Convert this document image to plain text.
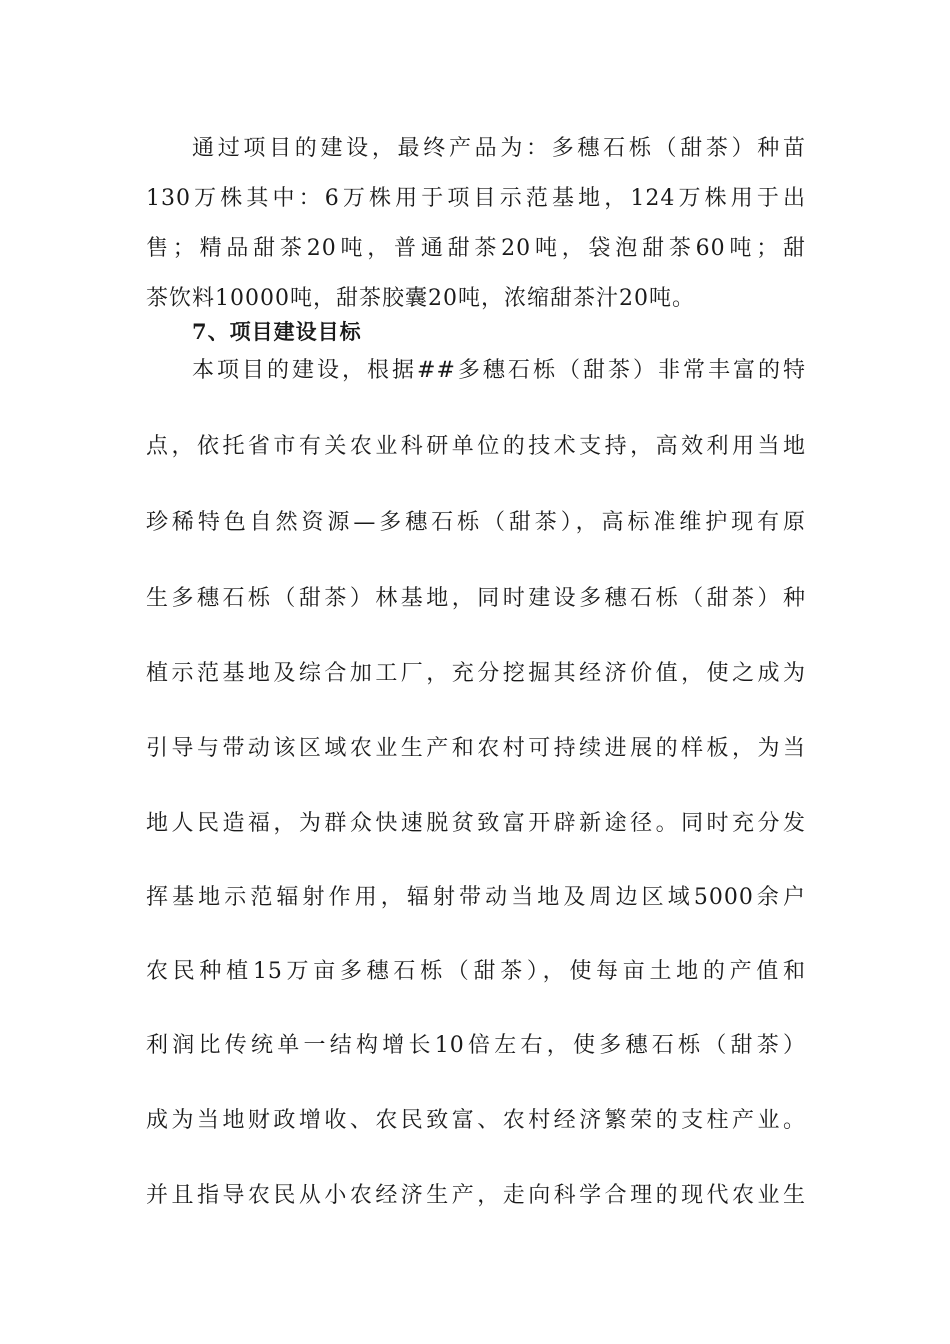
通过项目的建设，最终产品为：多穗石栎（甜茶）种苗
130万株其中：6万株用于项目示范基地，124万株用于出
售；精品甜茶20吨，普通甜茶20吨，袋泡甜茶60吨；甜
茶饮料10000吨，甜茶胶囊20吨，浓缩甜茶汁20吨。
7、项目建设目标
本项目的建设，根据##多穗石栎（甜茶）非常丰富的特
点，依托省市有关农业科研单位的技术支持，高效利用当地
珍稀特色自然资源—多穗石栎（甜茶），高标准维护现有原
生多穗石栎（甜茶）林基地，同时建设多穗石栎（甜茶）种
植示范基地及综合加工厂，充分挖掘其经济价值，使之成为
引导与带动该区域农业生产和农村可持续进展的样板，为当
地人民造福，为群众快速脱贫致富开辟新途径。同时充分发
挥基地示范辐射作用，辐射带动当地及周边区域5000余户
农民种植15万亩多穗石栎（甜茶），使每亩土地的产值和
利润比传统单一结构增长10倍左右，使多穗石栎（甜茶）
成为当地财政增收、农民致富、农村经济繁荣的支柱产业。
并且指导农民从小农经济生产，走向科学合理的现代农业生
